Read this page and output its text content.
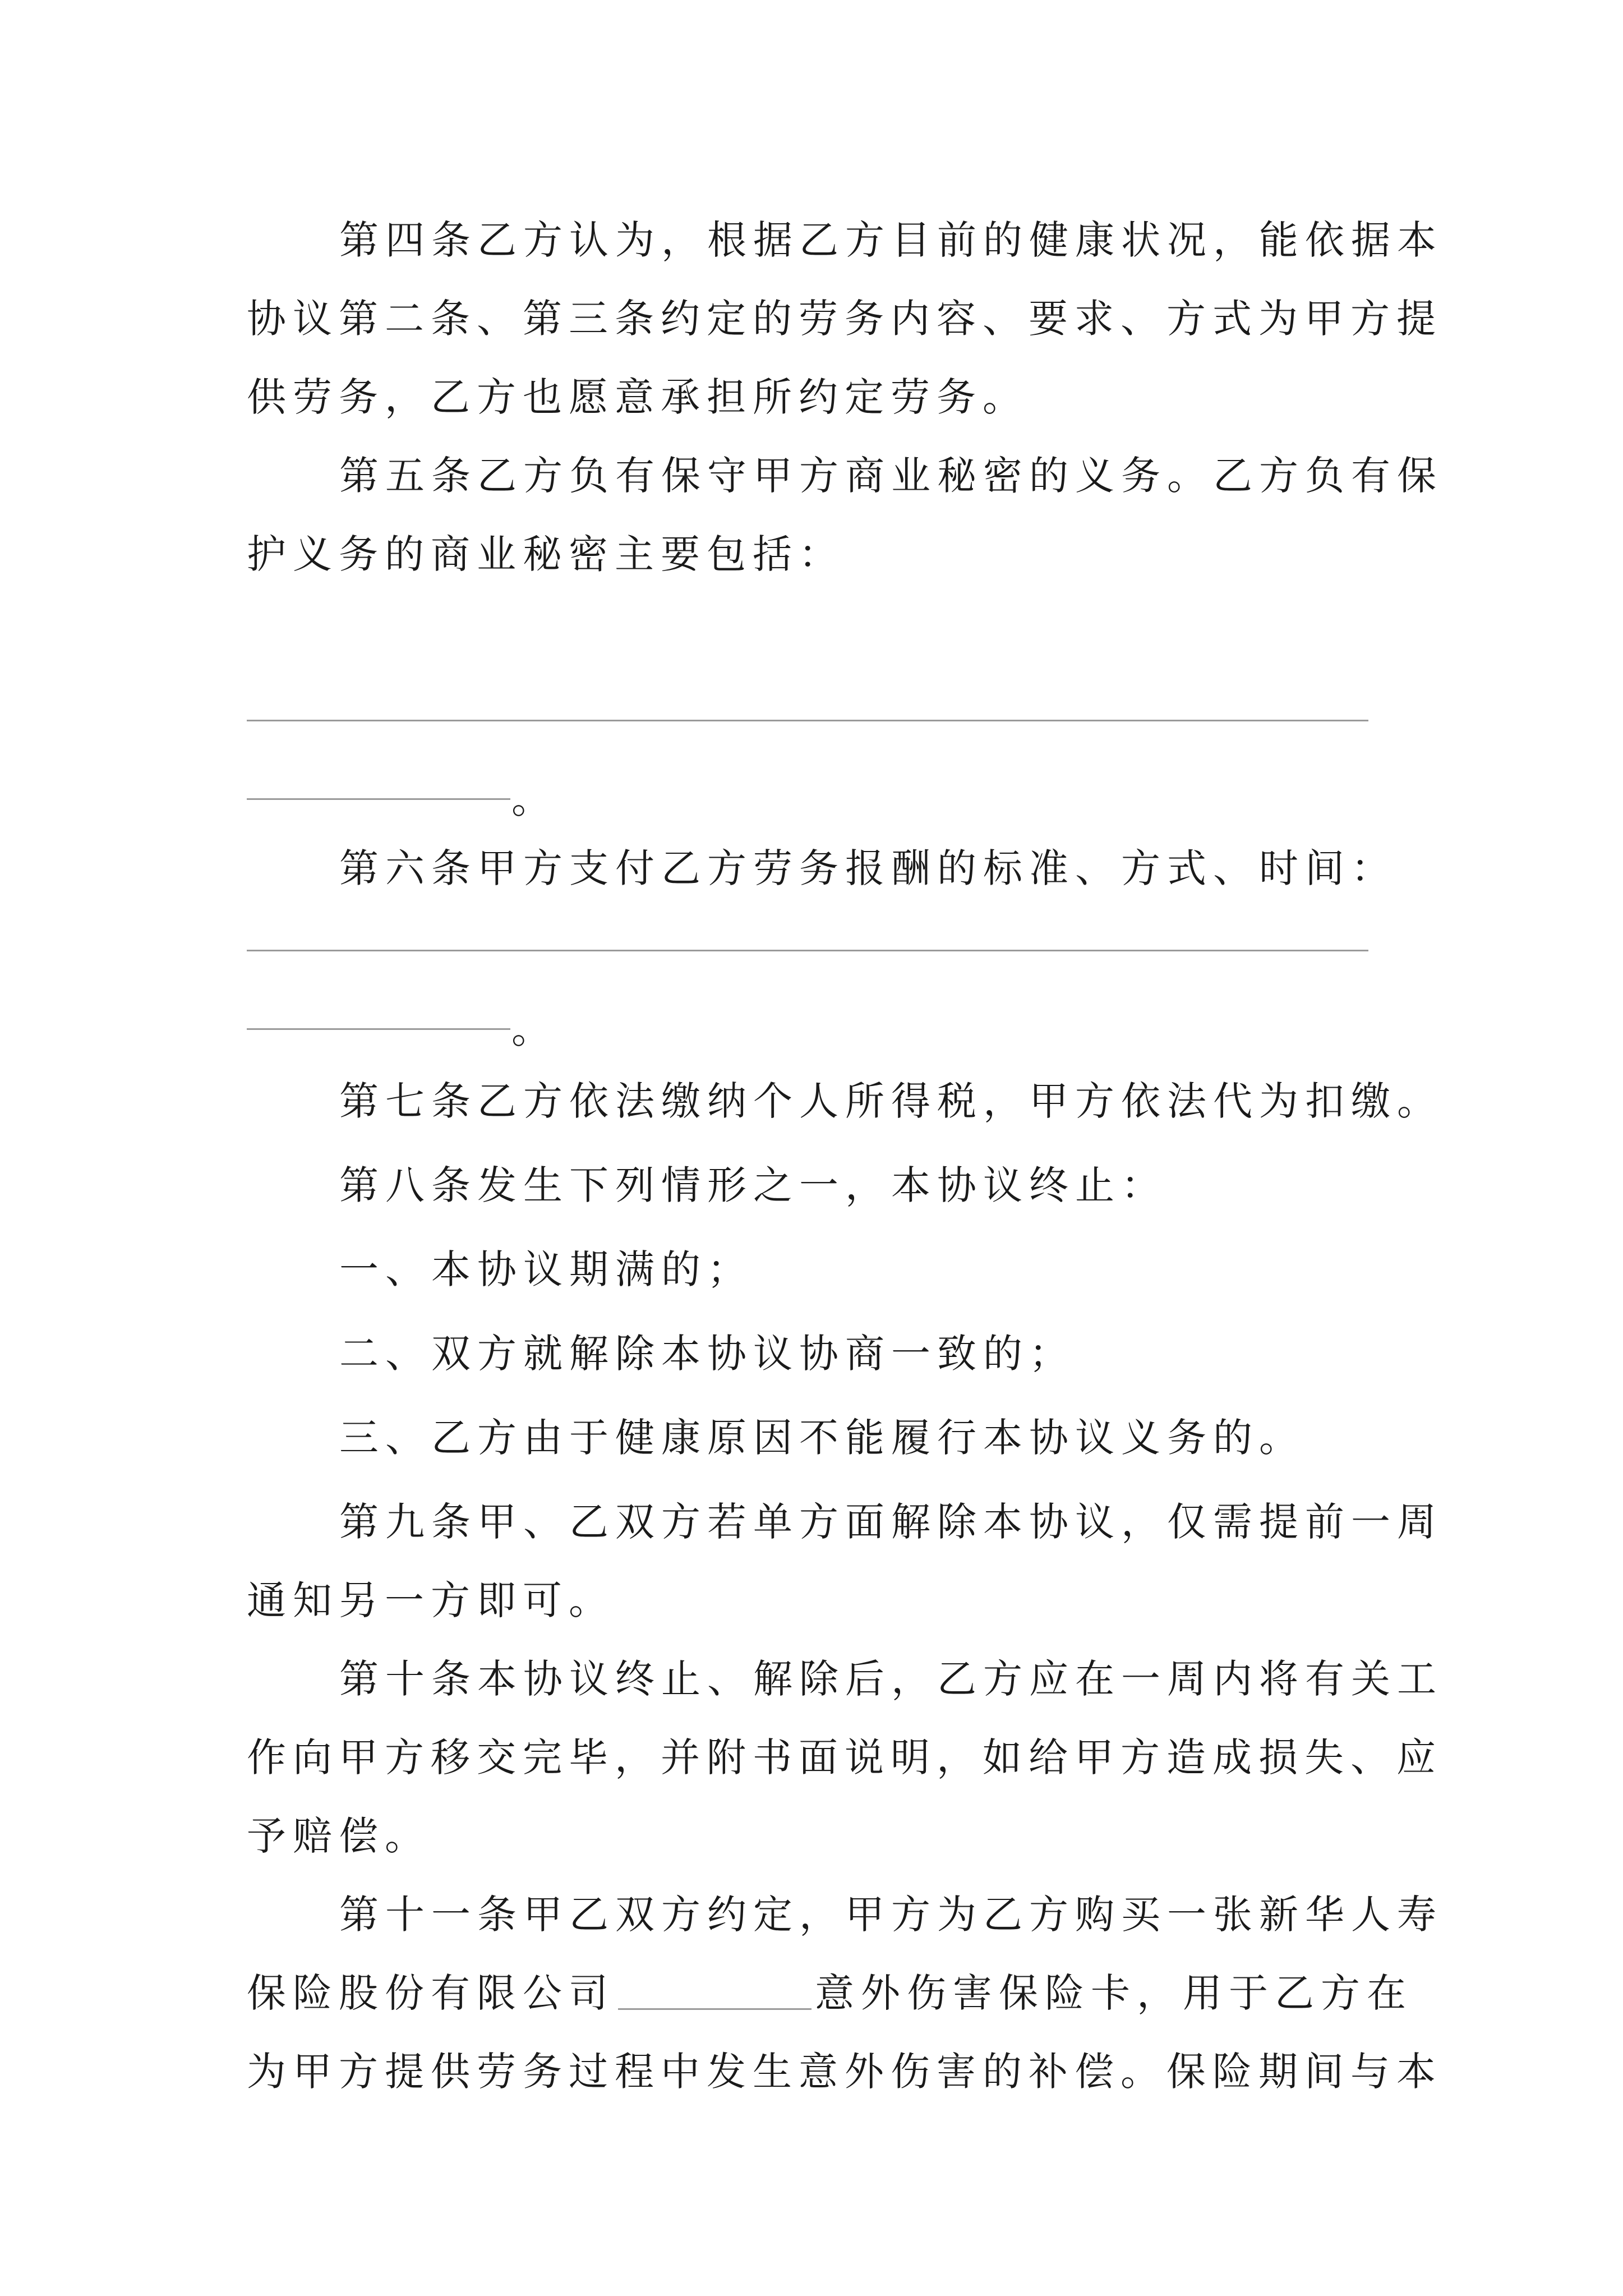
第四条乙方认为，根据乙方目前的健康状况，能依据本
协议第二条、第三条约定的劳务内容、要求、方式为甲方提
供劳务，乙方也愿意承担所约定劳务。
第五条乙方负有保守甲方商业秘密的义务。乙方负有保
护义务的商业秘密主要包括：
。
第六条甲方支付乙方劳务报酬的标准、方式、时间：
。
第七条乙方依法缴纳个人所得税，甲方依法代为扣缴。
第八条发生下列情形之一，本协议终止：
一、本协议期满的；
二、双方就解除本协议协商一致的；
三、乙方由于健康原因不能履行本协议义务的。
第九条甲、乙双方若单方面解除本协议，仅需提前一周
通知另一方即可。
第十条本协议终止、解除后，乙方应在一周内将有关工
作向甲方移交完毕，并附书面说明，如给甲方造成损失、应
予赔偿。
第十一条甲乙双方约定，甲方为乙方购买一张新华人寿
保险股份有限公司	意外伤害保险卡，用于乙方在
为甲方提供劳务过程中发生意外伤害的补偿。保险期间与本
